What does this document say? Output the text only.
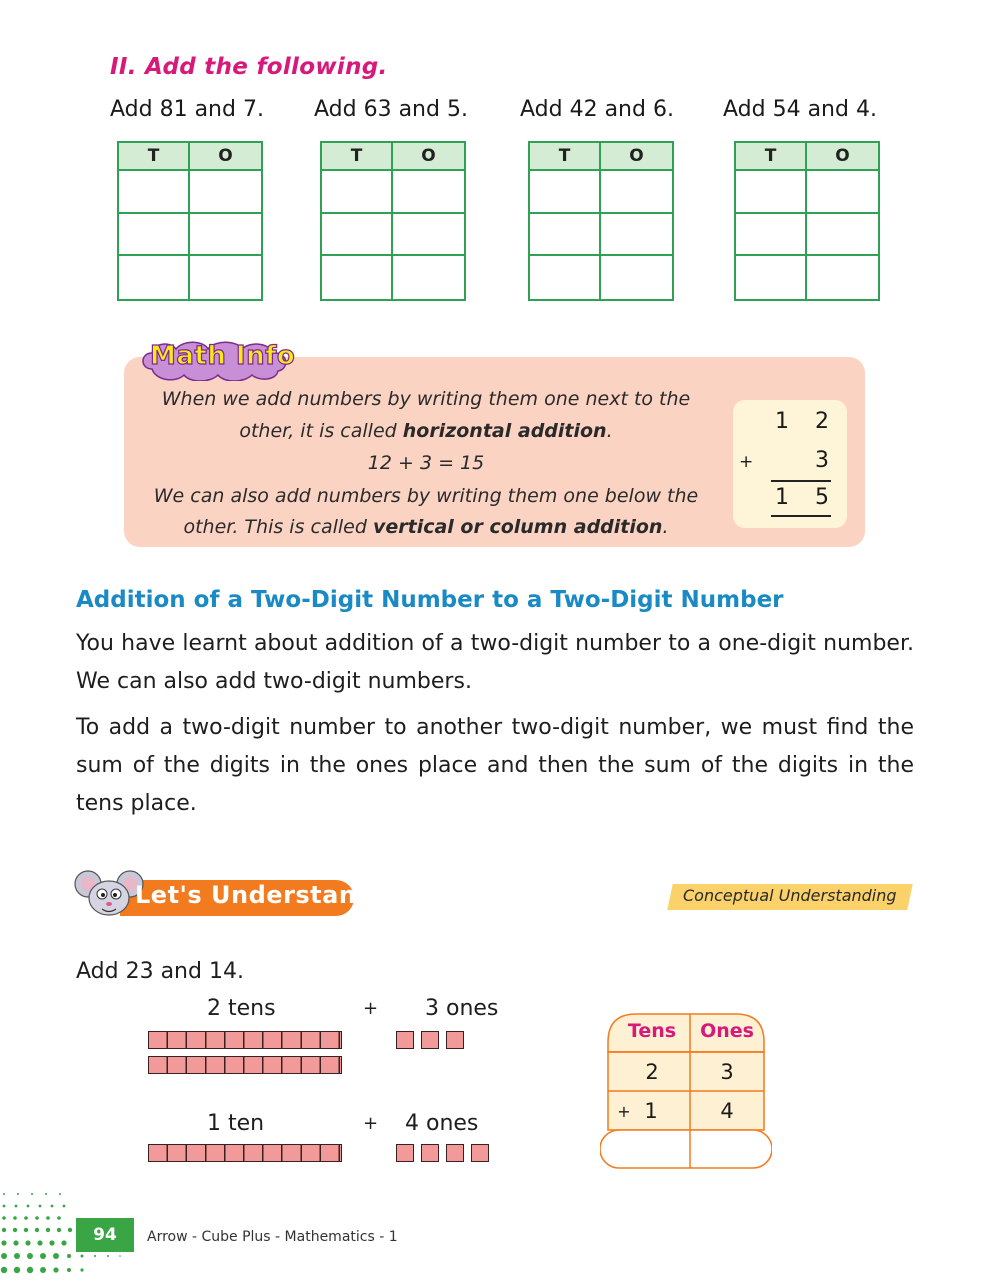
II. Add the following.
Add 81 and 7. Add 63 and 5. Add 42 and 6. Add 54 and 4.
T	O	T	O	T	O	T	O
Math Info
When we add numbers by writing them one next to the
other, it is called horizontal addition.
12 + 3 = 15
We can also add numbers by writing them one below the
other. This is called vertical or column addition.
1 2
+	3
1 5
Addition of a Two-Digit Number to a Two-Digit Number
You have learnt about addition of a two-digit number to a one-digit number. We can also add two-digit numbers.
To add a two-digit number to another two-digit number, we must find the sum of the digits in the ones place and then the sum of the digits in the tens place.
Let's Understand	Conceptual Understanding
Add 23 and 14.
2 tens	+ 3 ones
1 ten	+ 4 ones
Tens	Ones
2	3
+ 1	4
94	Arrow - Cube Plus - Mathematics - 1
